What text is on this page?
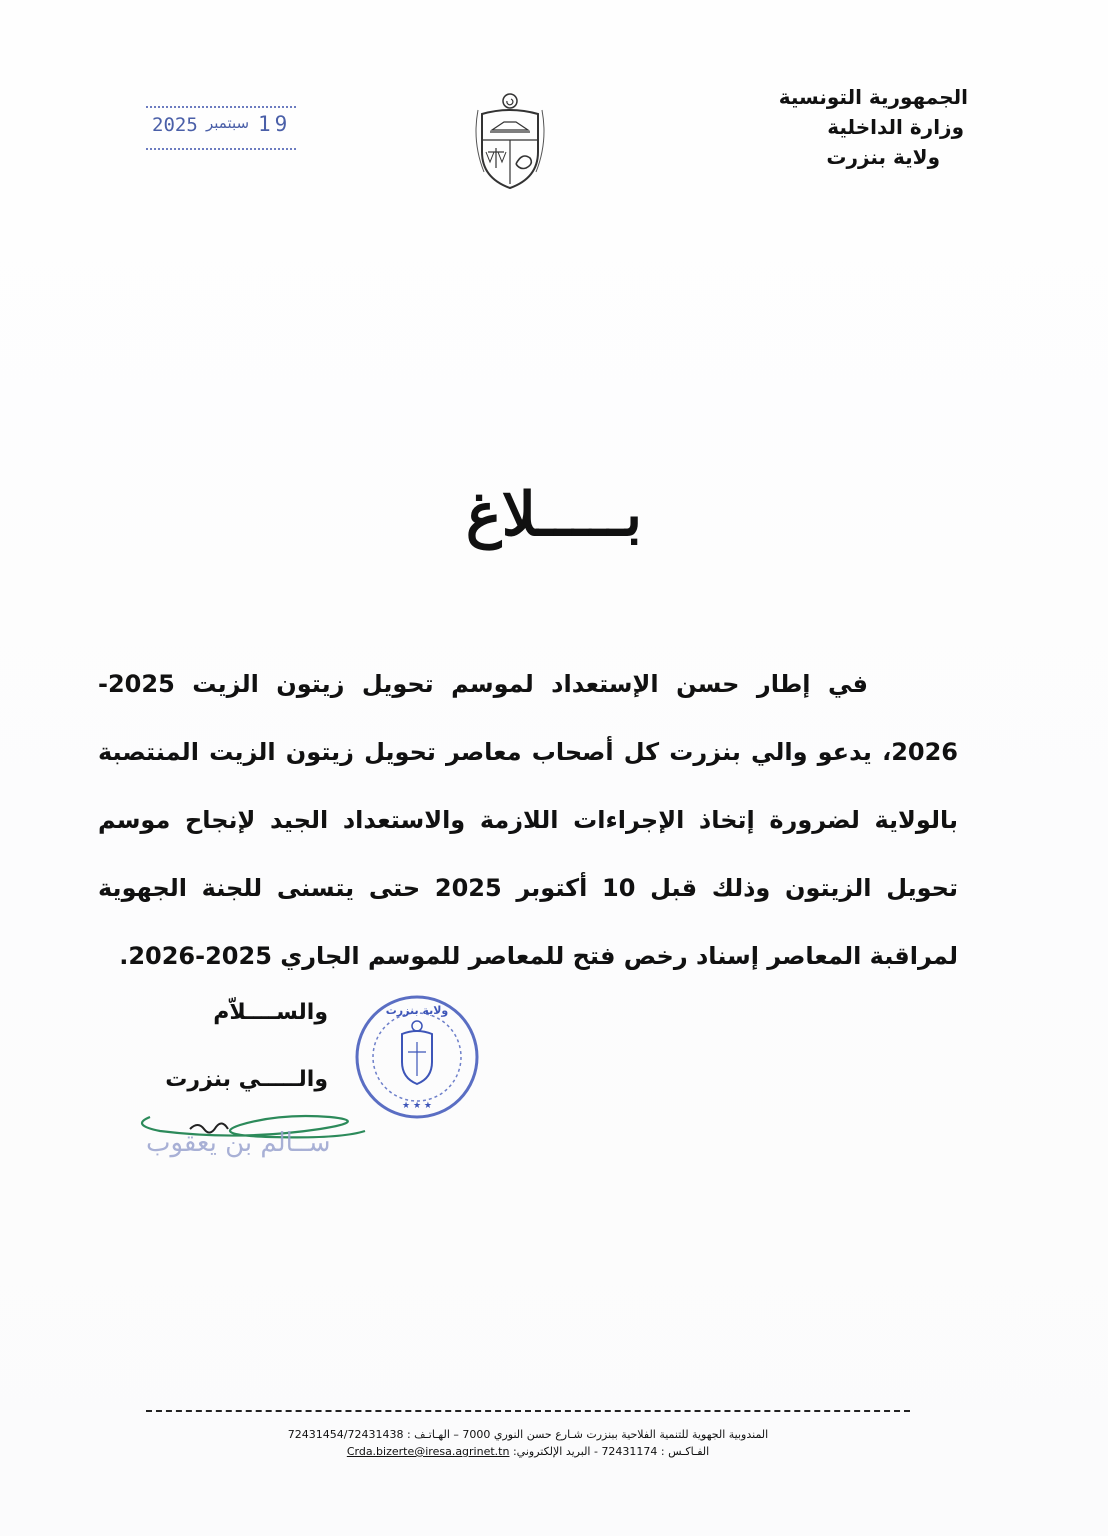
الجمهورية التونسية
وزارة الداخلية
ولاية بنزرت
2025 سبتمبر 19
بـــــلاغ

في إطار حسن الإستعداد لموسم تحويل زيتون الزيت 2025-2026، يدعو والي بنزرت كل أصحاب معاصر تحويل زيتون الزيت المنتصبة بالولاية لضرورة إتخاذ الإجراءات اللازمة والاستعداد الجيد لإنجاح موسم تحويل الزيتون وذلك قبل 10 أكتوبر 2025 حتى يتسنى للجنة الجهوية لمراقبة المعاصر إسناد رخص فتح للمعاصر للموسم الجاري 2025-2026.

والســــلاّم
والـــــي بنزرت
ســالم بن يعقوب
ولاية بنزرت
★ ★ ★
المندوبية الجهوية للتنمية الفلاحية ببنزرت شـارع حسن النوري 7000 – الهـاتـف : 72431454/72431438
الفـاكـس : 72431174 - البريد الإلكتروني: Crda.bizerte@iresa.agrinet.tn
